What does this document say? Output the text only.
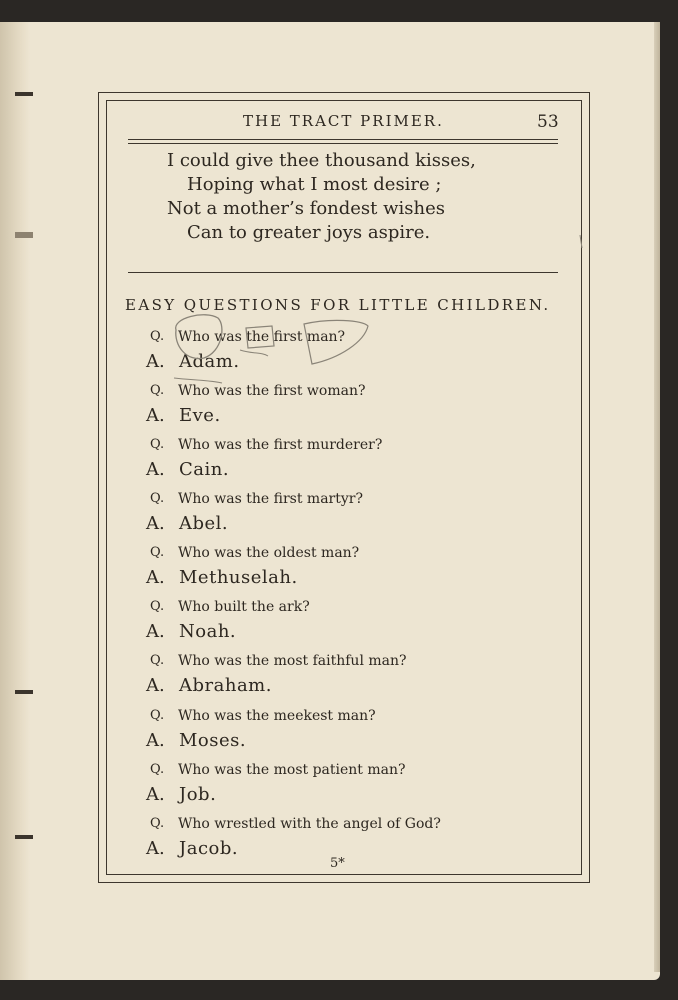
THE TRACT PRIMER.	53
I could give thee thousand kisses,
Hoping what I most desire ;
Not a mother’s fondest wishes
Can to greater joys aspire.
EASY QUESTIONS FOR LITTLE CHILDREN.
Q. Who was the first man?
A. Adam.
Q. Who was the first woman?
A. Eve.
Q. Who was the first murderer?
A. Cain.
Q. Who was the first martyr?
A. Abel.
Q. Who was the oldest man?
A. Methuselah.
Q. Who built the ark?
A. Noah.
Q. Who was the most faithful man?
A. Abraham.
Q. Who was the meekest man?
A. Moses.
Q. Who was the most patient man?
A. Job.
Q. Who wrestled with the angel of God?
A. Jacob.
5*
